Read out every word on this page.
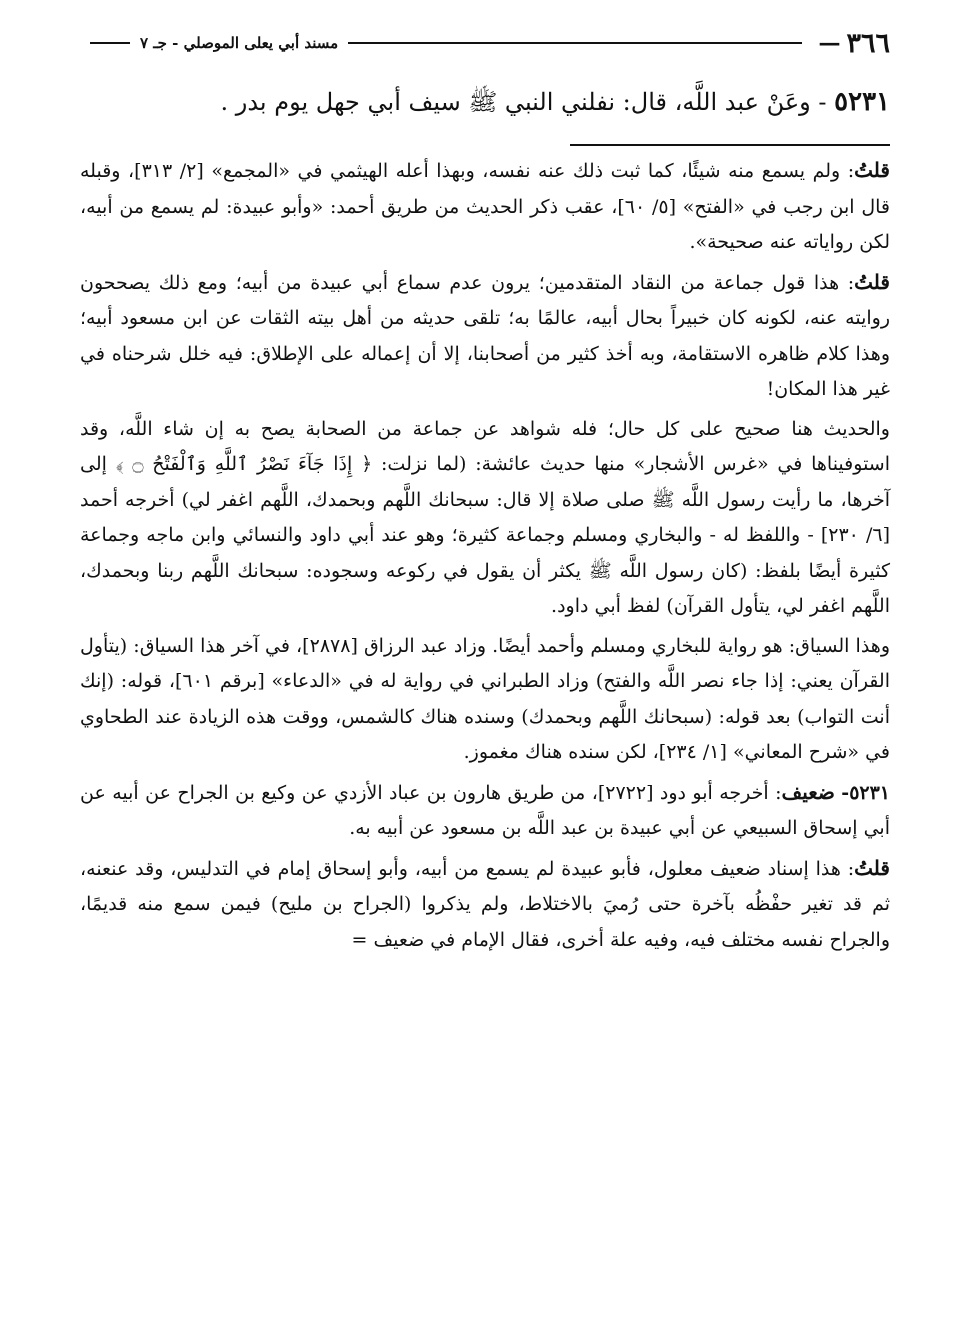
٣٦٦
—
مسند أبي يعلى الموصلي - جـ ٧
٥٢٣١ - وعَنْ عبد اللَّه، قال: نفلني النبي ﷺ سيف أبي جهل يوم بدر .

قلتُ: ولم يسمع منه شيئًا، كما ثبت ذلك عنه نفسه، وبهذا أعله الهيثمي في «المجمع» [٢/ ٣١٣]، وقبله قال ابن رجب في «الفتح» [٥/ ٦٠]، عقب ذكر الحديث من طريق أحمد: «وأبو عبيدة: لم يسمع من أبيه، لكن رواياته عنه صحيحة».

قلتُ: هذا قول جماعة من النقاد المتقدمين؛ يرون عدم سماع أبي عبيدة من أبيه؛ ومع ذلك يصححون روايته عنه، لكونه كان خبيراً بحال أبيه، عالمًا به؛ تلقى حديثه من أهل بيته الثقات عن ابن مسعود أبيه؛ وهذا كلام ظاهره الاستقامة، وبه أخذ كثير من أصحابنا، إلا أن إعماله على الإطلاق: فيه خلل شرحناه في غير هذا المكان!

والحديث هنا صحيح على كل حال؛ فله شواهد عن جماعة من الصحابة يصح به إن شاء اللَّه، وقد استوفيناها في «غرس الأشجار» منها حديث عائشة: (لما نزلت: ﴿ إِذَا جَآءَ نَصْرُ ٱللَّهِ وَٱلْفَتْحُ ۝ ﴾ إلى آخرها، ما رأيت رسول اللَّه ﷺ صلى صلاة إلا قال: سبحانك اللَّهم وبحمدك، اللَّهم اغفر لي) أخرجه أحمد [٦/ ٢٣٠] - واللفظ له - والبخاري ومسلم وجماعة كثيرة؛ وهو عند أبي داود والنسائي وابن ماجه وجماعة كثيرة أيضًا بلفظ: (كان رسول اللَّه ﷺ يكثر أن يقول في ركوعه وسجوده: سبحانك اللَّهم ربنا وبحمدك، اللَّهم اغفر لي، يتأول القرآن) لفظ أبي داود.

وهذا السياق: هو رواية للبخاري ومسلم وأحمد أيضًا. وزاد عبد الرزاق [٢٨٧٨]، في آخر هذا السياق: (يتأول القرآن يعني: إذا جاء نصر اللَّه والفتح) وزاد الطبراني في رواية له في «الدعاء» [برقم ٦٠١]، قوله: (إنك أنت التواب) بعد قوله: (سبحانك اللَّهم وبحمدك) وسنده هناك كالشمس، ووقت هذه الزيادة عند الطحاوي في «شرح المعاني» [١/ ٢٣٤]، لكن سنده هناك مغموز.

٥٢٣١- ضعيف: أخرجه أبو دود [٢٧٢٢]، من طريق هارون بن عباد الأزدي عن وكيع بن الجراح عن أبيه عن أبي إسحاق السبيعي عن أبي عبيدة بن عبد اللَّه بن مسعود عن أبيه به.

قلتُ: هذا إسناد ضعيف معلول، فأبو عبيدة لم يسمع من أبيه، وأبو إسحاق إمام في التدليس، وقد عنعنه، ثم قد تغير حفْظُه بآخرة حتى رُميَ بالاختلاط، ولم يذكروا (الجراح بن مليح) فيمن سمع منه قديمًا، والجراح نفسه مختلف فيه، وفيه علة أخرى، فقال الإمام في ضعيف =
